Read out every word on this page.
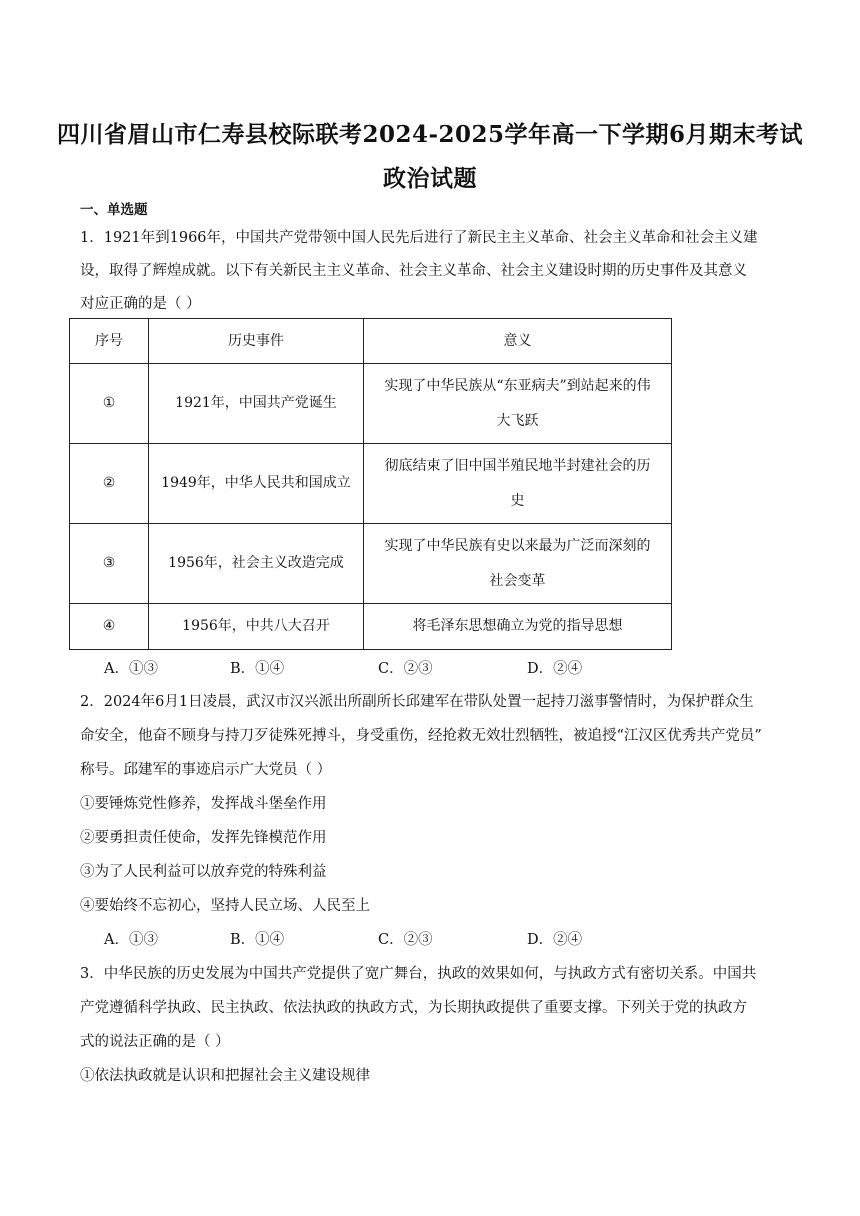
四川省眉山市仁寿县校际联考2024-2025学年高一下学期6月期末考试
政治试题
一、单选题
1．1921年到1966年，中国共产党带领中国人民先后进行了新民主主义革命、社会主义革命和社会主义建
设，取得了辉煌成就。以下有关新民主主义革命、社会主义革命、社会主义建设时期的历史事件及其意义
对应正确的是（ ）
序号	历史事件	意义
①	1921年，中国共产党诞生	实现了中华民族从“东亚病夫”到站起来的伟
大飞跃

②	1949年，中华人民共和国成立	彻底结束了旧中国半殖民地半封建社会的历
史

③	1956年，社会主义改造完成	实现了中华民族有史以来最为广泛而深刻的
社会变革

④	1956年，中共八大召开	将毛泽东思想确立为党的指导思想
A．①③	B．①④	C．②③	D．②④
2．2024年6月1日凌晨，武汉市汉兴派出所副所长邱建军在带队处置一起持刀滋事警情时，为保护群众生
命安全，他奋不顾身与持刀歹徒殊死搏斗，身受重伤，经抢救无效壮烈牺牲，被追授“江汉区优秀共产党员”
称号。邱建军的事迹启示广大党员（ ）
①要锤炼党性修养，发挥战斗堡垒作用
②要勇担责任使命，发挥先锋模范作用
③为了人民利益可以放弃党的特殊利益
④要始终不忘初心，坚持人民立场、人民至上
A．①③	B．①④	C．②③	D．②④
3．中华民族的历史发展为中国共产党提供了宽广舞台，执政的效果如何，与执政方式有密切关系。中国共
产党遵循科学执政、民主执政、依法执政的执政方式，为长期执政提供了重要支撑。下列关于党的执政方
式的说法正确的是（ ）
①依法执政就是认识和把握社会主义建设规律
